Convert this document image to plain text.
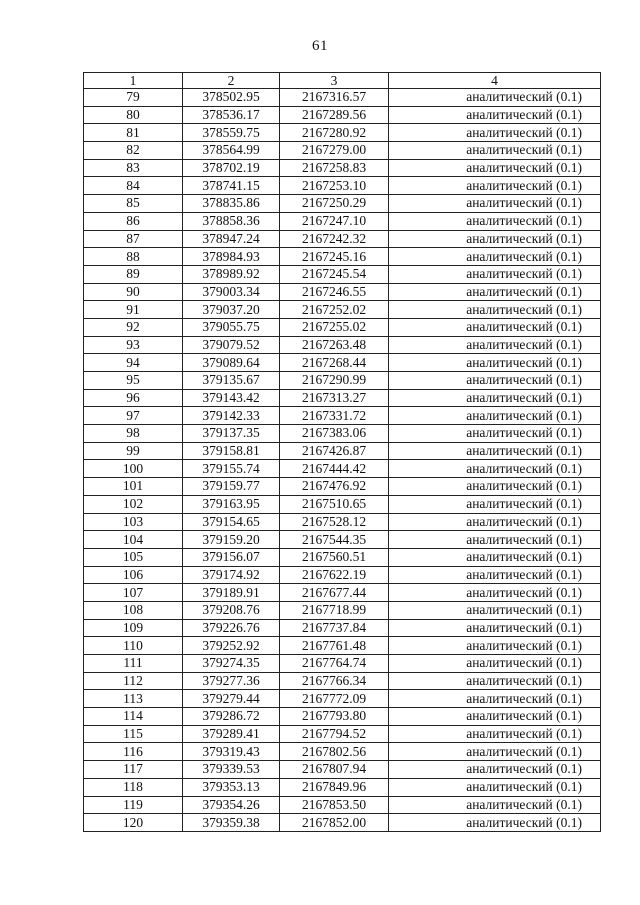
61
1	2	3	4
79	378502.95	2167316.57	аналитический (0.1)
80	378536.17	2167289.56	аналитический (0.1)
81	378559.75	2167280.92	аналитический (0.1)
82	378564.99	2167279.00	аналитический (0.1)
83	378702.19	2167258.83	аналитический (0.1)
84	378741.15	2167253.10	аналитический (0.1)
85	378835.86	2167250.29	аналитический (0.1)
86	378858.36	2167247.10	аналитический (0.1)
87	378947.24	2167242.32	аналитический (0.1)
88	378984.93	2167245.16	аналитический (0.1)
89	378989.92	2167245.54	аналитический (0.1)
90	379003.34	2167246.55	аналитический (0.1)
91	379037.20	2167252.02	аналитический (0.1)
92	379055.75	2167255.02	аналитический (0.1)
93	379079.52	2167263.48	аналитический (0.1)
94	379089.64	2167268.44	аналитический (0.1)
95	379135.67	2167290.99	аналитический (0.1)
96	379143.42	2167313.27	аналитический (0.1)
97	379142.33	2167331.72	аналитический (0.1)
98	379137.35	2167383.06	аналитический (0.1)
99	379158.81	2167426.87	аналитический (0.1)
100	379155.74	2167444.42	аналитический (0.1)
101	379159.77	2167476.92	аналитический (0.1)
102	379163.95	2167510.65	аналитический (0.1)
103	379154.65	2167528.12	аналитический (0.1)
104	379159.20	2167544.35	аналитический (0.1)
105	379156.07	2167560.51	аналитический (0.1)
106	379174.92	2167622.19	аналитический (0.1)
107	379189.91	2167677.44	аналитический (0.1)
108	379208.76	2167718.99	аналитический (0.1)
109	379226.76	2167737.84	аналитический (0.1)
110	379252.92	2167761.48	аналитический (0.1)
111	379274.35	2167764.74	аналитический (0.1)
112	379277.36	2167766.34	аналитический (0.1)
113	379279.44	2167772.09	аналитический (0.1)
114	379286.72	2167793.80	аналитический (0.1)
115	379289.41	2167794.52	аналитический (0.1)
116	379319.43	2167802.56	аналитический (0.1)
117	379339.53	2167807.94	аналитический (0.1)
118	379353.13	2167849.96	аналитический (0.1)
119	379354.26	2167853.50	аналитический (0.1)
120	379359.38	2167852.00	аналитический (0.1)
